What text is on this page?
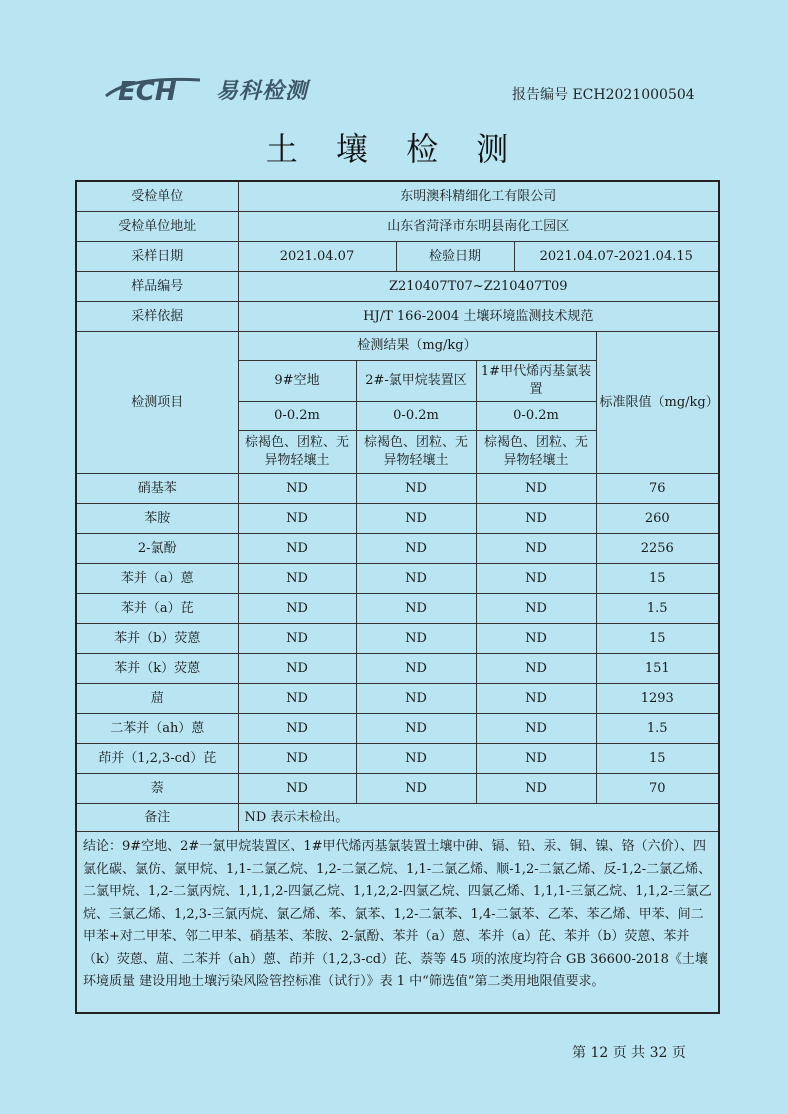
ECH 易科检测	报告编号 ECH2021000504
土 壤 检 测
受检单位	东明澳科精细化工有限公司					
受检单位地址	山东省菏泽市东明县南化工园区					
采样日期	2021.04.07		检验日期		2021.04.07-2021.04.15	
样品编号	Z210407T07~Z210407T09					
采样依据	HJ/T 166-2004 土壤环境监测技术规范					
检测项目	检测结果（mg/kg）					标准限值（mg/kg）
	9#空地	2#-氯甲烷装置区		1#甲代烯丙基氯装置		
	0-0.2m	0-0.2m		0-0.2m		
	棕褐色、团粒、无异物轻壤土	棕褐色、团粒、无异物轻壤土		棕褐色、团粒、无异物轻壤土		
硝基苯	ND	ND		ND		76
苯胺	ND	ND		ND		260
2-氯酚	ND	ND		ND		2256
苯并（a）蒽	ND	ND		ND		15
苯并（a）芘	ND	ND		ND		1.5
苯并（b）荧蒽	ND	ND		ND		15
苯并（k）荧蒽	ND	ND		ND		151
䓛	ND	ND		ND		1293
二苯并（ah）蒽	ND	ND		ND		1.5
茚并（1,2,3-cd）芘	ND	ND		ND		15
萘	ND	ND		ND		70
备注	ND 表示未检出。					
结论：9#空地、2#一氯甲烷装置区、1#甲代烯丙基氯装置土壤中砷、镉、铅、汞、铜、镍、铬（六价）、四氯化碳、氯仿、氯甲烷、1,1-二氯乙烷、1,2-二氯乙烷、1,1-二氯乙烯、顺-1,2-二氯乙烯、反-1,2-二氯乙烯、二氯甲烷、1,2-二氯丙烷、1,1,1,2-四氯乙烷、1,1,2,2-四氯乙烷、四氯乙烯、1,1,1-三氯乙烷、1,1,2-三氯乙烷、三氯乙烯、1,2,3-三氯丙烷、氯乙烯、苯、氯苯、1,2-二氯苯、1,4-二氯苯、乙苯、苯乙烯、甲苯、间二甲苯+对二甲苯、邻二甲苯、硝基苯、苯胺、2-氯酚、苯并（a）蒽、苯并（a）芘、苯并（b）荧蒽、苯并（k）荧蒽、䓛、二苯并（ah）蒽、茚并（1,2,3-cd）芘、萘等 45 项的浓度均符合 GB 36600-2018《土壤环境质量 建设用地土壤污染风险管控标准（试行）》表 1 中“筛选值”第二类用地限值要求。						
第 12 页 共 32 页
